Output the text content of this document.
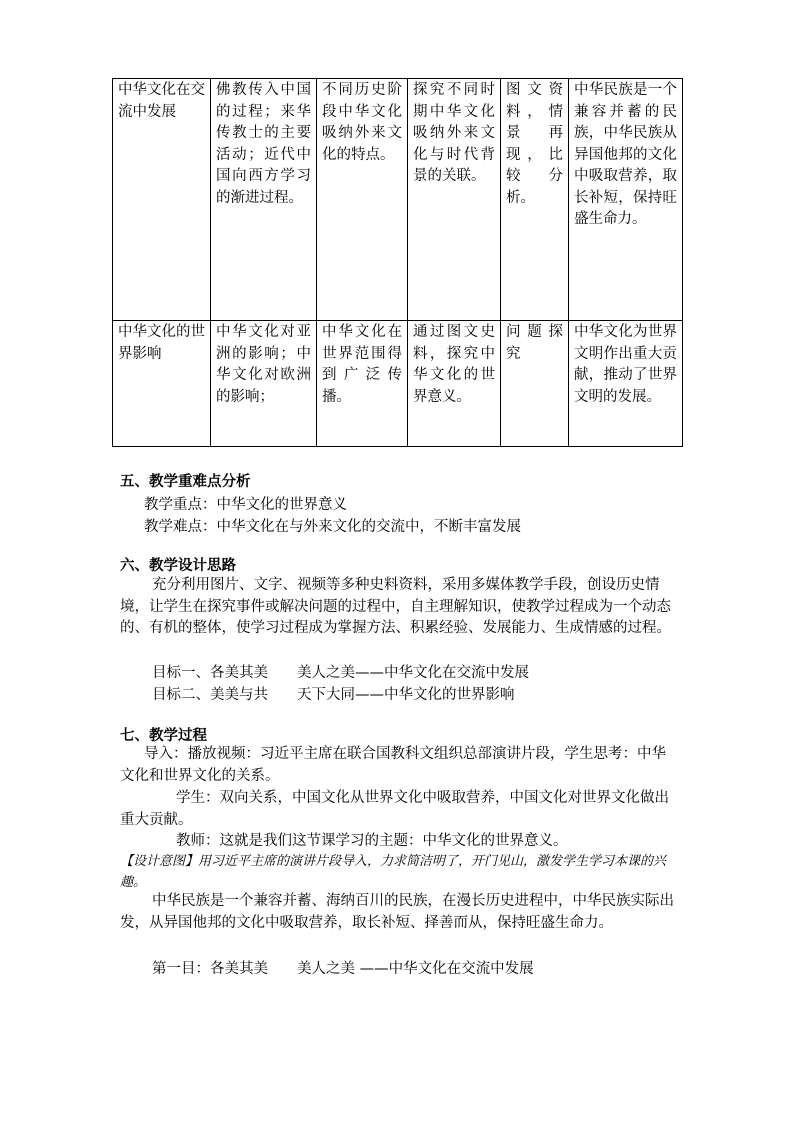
中华文化在交流中发展	佛教传入中国的过程；来华传教士的主要活动；近代中国向西方学习的渐进过程。	不同历史阶段中华文化吸纳外来文化的特点。	探究不同时期中华文化吸纳外来文化与时代背景的关联。	图文资料，情景再现，比较分析。	中华民族是一个兼容并蓄的民族，中华民族从异国他邦的文化中吸取营养，取长补短，保持旺盛生命力。
中华文化的世界影响	中华文化对亚洲的影响；中华文化对欧洲的影响；	中华文化在世界范围得到广泛传播。	通过图文史料，探究中华文化的世界意义。	问题探究	中华文化为世界文明作出重大贡献，推动了世界文明的发展。
五、教学重难点分析
教学重点：中华文化的世界意义
教学难点：中华文化在与外来文化的交流中，不断丰富发展
六、教学设计思路
充分利用图片、文字、视频等多种史料资料，采用多媒体教学手段，创设历史情境，让学生在探究事件或解决问题的过程中，自主理解知识，使教学过程成为一个动态的、有机的整体，使学习过程成为掌握方法、积累经验、发展能力、生成情感的过程。
目标一、各美其美　　美人之美——中华文化在交流中发展
目标二、美美与共　　天下大同——中华文化的世界影响
七、教学过程
导入：播放视频：习近平主席在联合国教科文组织总部演讲片段，学生思考：中华文化和世界文化的关系。
学生：双向关系，中国文化从世界文化中吸取营养，中国文化对世界文化做出重大贡献。
教师：这就是我们这节课学习的主题：中华文化的世界意义。
【设计意图】用习近平主席的演讲片段导入，力求简洁明了，开门见山，激发学生学习本课的兴趣。
中华民族是一个兼容并蓄、海纳百川的民族，在漫长历史进程中，中华民族实际出发，从异国他邦的文化中吸取营养，取长补短、择善而从，保持旺盛生命力。
第一目：各美其美　　美人之美 ——中华文化在交流中发展
